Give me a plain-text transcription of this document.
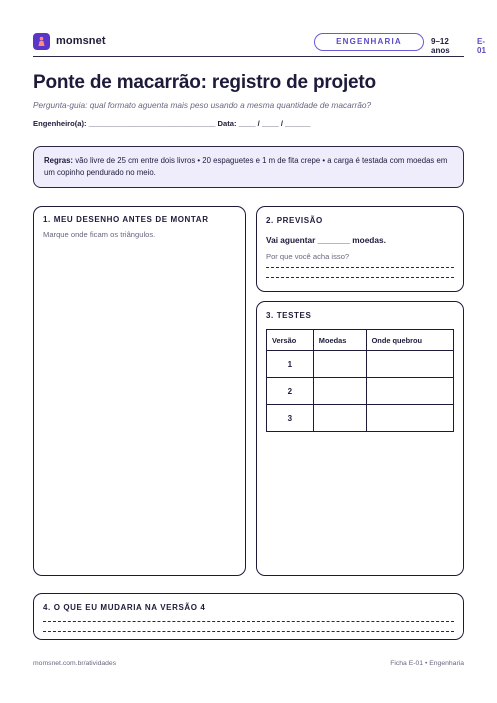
momsnet	ENGENHARIA	9–12 anos
E-01
Ponte de macarrão: registro de projeto

Pergunta-guia: qual formato aguenta mais peso usando a mesma quantidade de macarrão?

Engenheiro(a): ______________________________ Data: ____ / ____ / ______

Regras: vão livre de 25 cm entre dois livros • 20 espaguetes e 1 m de fita crepe • a carga é testada com moedas em um copinho pendurado no meio.
1. MEU DESENHO ANTES DE MONTAR
Marque onde ficam os triângulos.
2. PREVISÃO
Vai aguentar _______ moedas.
Por que você acha isso?
3. TESTES
Versão	Moedas	Onde quebrou
1		
2		
3		
4. O QUE EU MUDARIA NA VERSÃO 4
momsnet.com.br/atividades	Ficha E-01 • Engenharia
